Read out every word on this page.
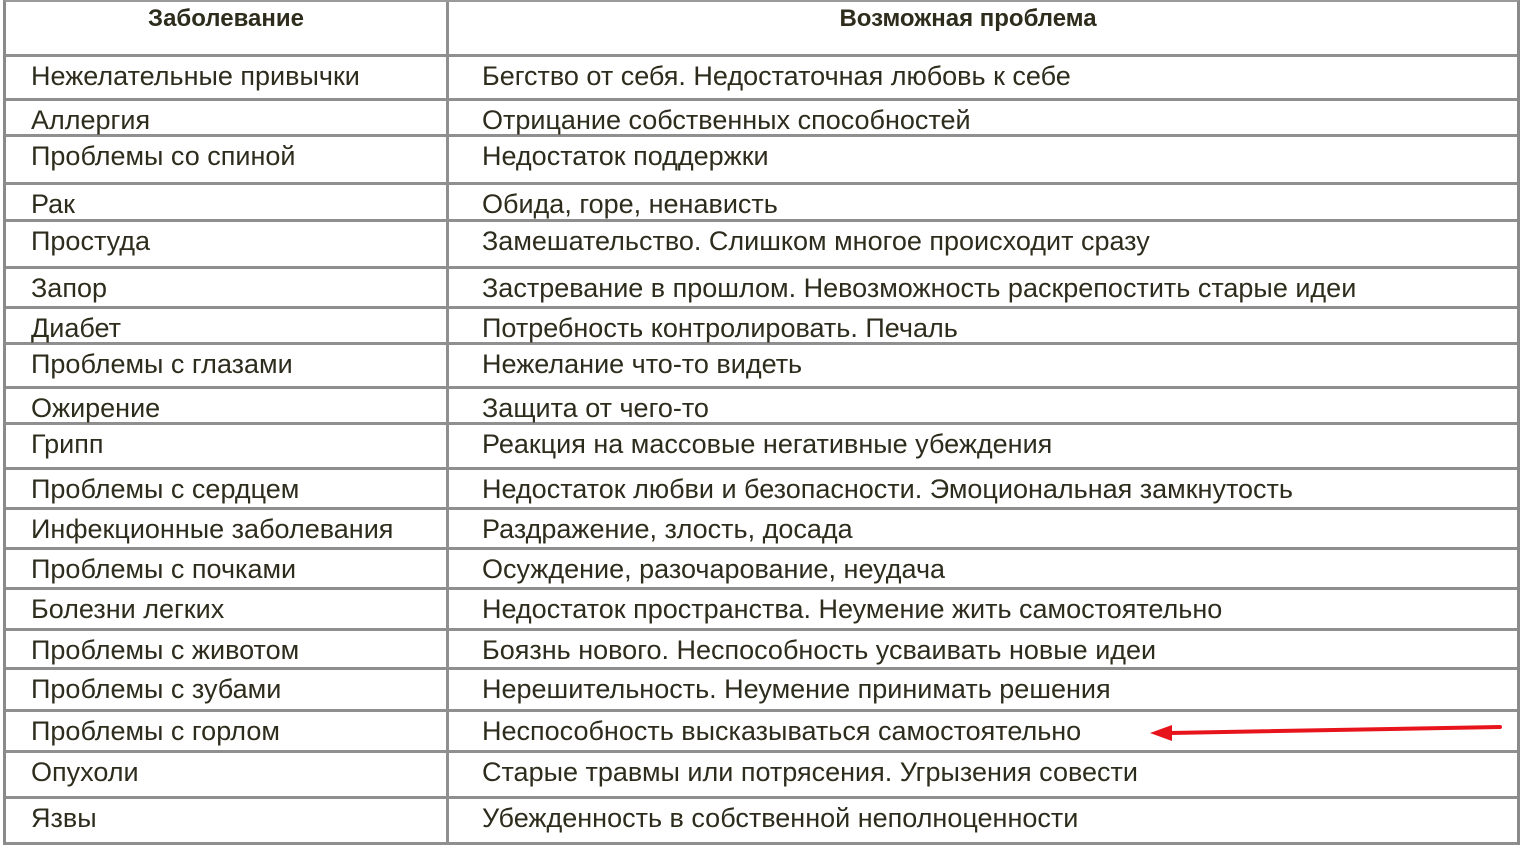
Заболевание	Возможная проблема
Нежелательные привычки	Бегство от себя. Недостаточная любовь к себе
Аллергия	Отрицание собственных способностей
Проблемы со спиной	Недостаток поддержки
Рак	Обида, горе, ненависть
Простуда	Замешательство. Слишком многое происходит сразу
Запор	Застревание в прошлом. Невозможность раскрепостить старые идеи
Диабет	Потребность контролировать. Печаль
Проблемы с глазами	Нежелание что-то видеть
Ожирение	Защита от чего-то
Грипп	Реакция на массовые негативные убеждения
Проблемы с сердцем	Недостаток любви и безопасности. Эмоциональная замкнутость
Инфекционные заболевания	Раздражение, злость, досада
Проблемы с почками	Осуждение, разочарование, неудача
Болезни легких	Недостаток пространства. Неумение жить самостоятельно
Проблемы с животом	Боязнь нового. Неспособность усваивать новые идеи
Проблемы с зубами	Нерешительность. Неумение принимать решения
Проблемы с горлом	Неспособность высказываться самостоятельно
Опухоли	Старые травмы или потрясения. Угрызения совести
Язвы	Убежденность в собственной неполноценности
